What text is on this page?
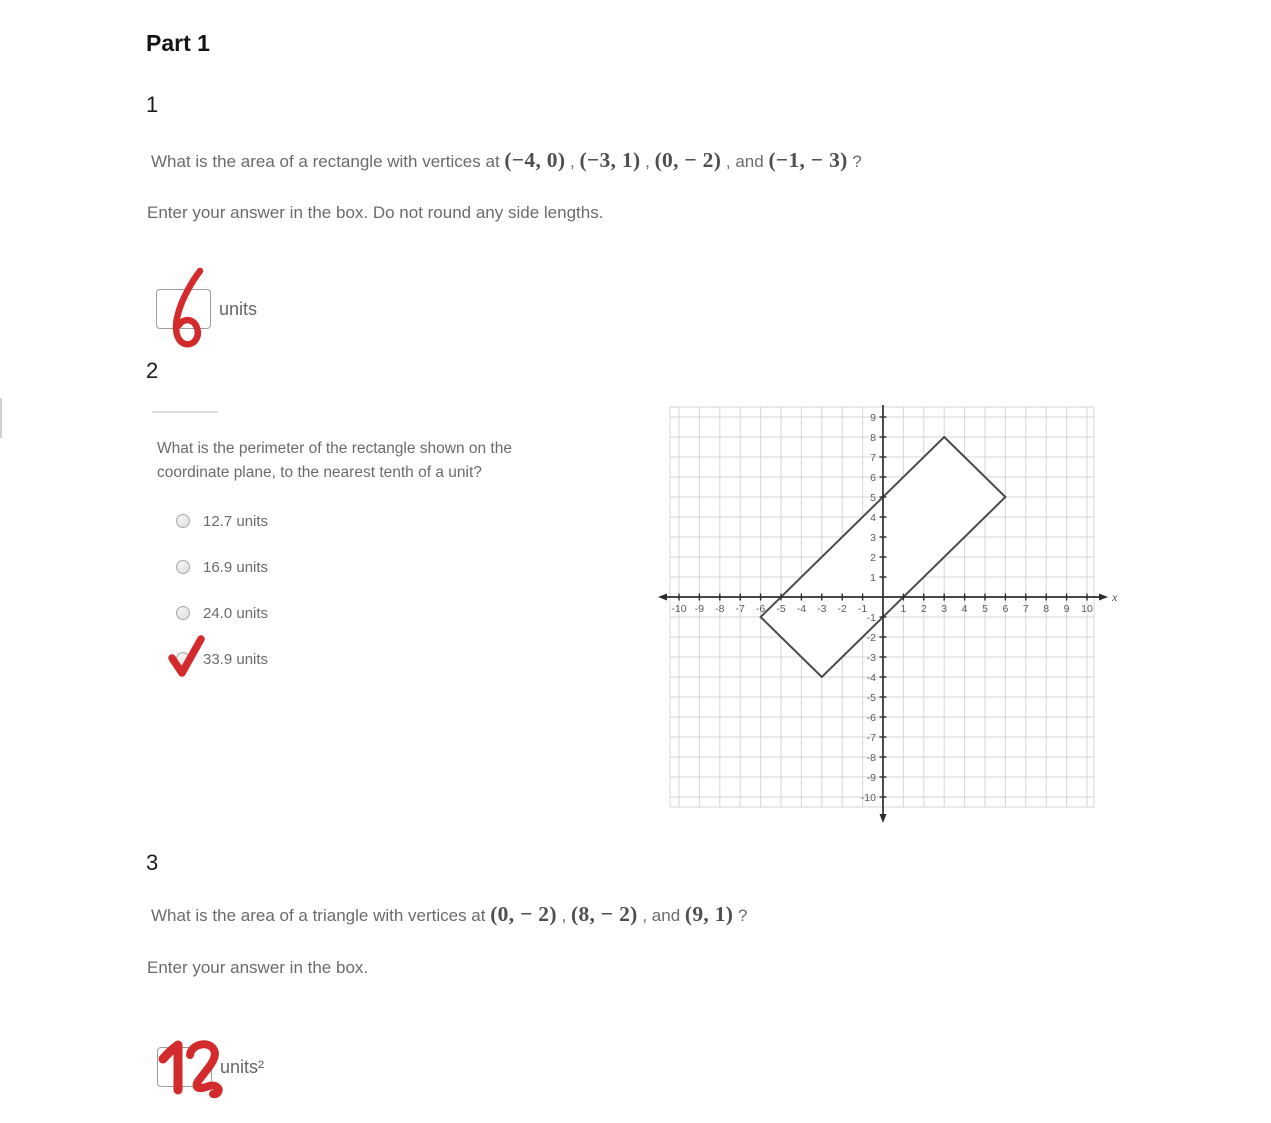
Part 1
1

What is the area of a rectangle with vertices at (−4, 0) , (−3, 1) , (0, − 2) , and (−1, − 3) ?

Enter your answer in the box. Do not round any side lengths.

units
2

What is the perimeter of the rectangle shown on the coordinate plane, to the nearest tenth of a unit?

12.7 units
16.9 units
24.0 units
33.9 units
-10 -9 -8 -7 -6 -5 -4 -3 -2 -1	1 2 3 4 5 6 7 8 9 10
-10
-9
-8
-7
-6
-5
-4
-3
-2
-1
1
2
3
4
5
6
7
8
9
x
3

What is the area of a triangle with vertices at (0, − 2) , (8, − 2) , and (9, 1) ?

Enter your answer in the box.

units²
